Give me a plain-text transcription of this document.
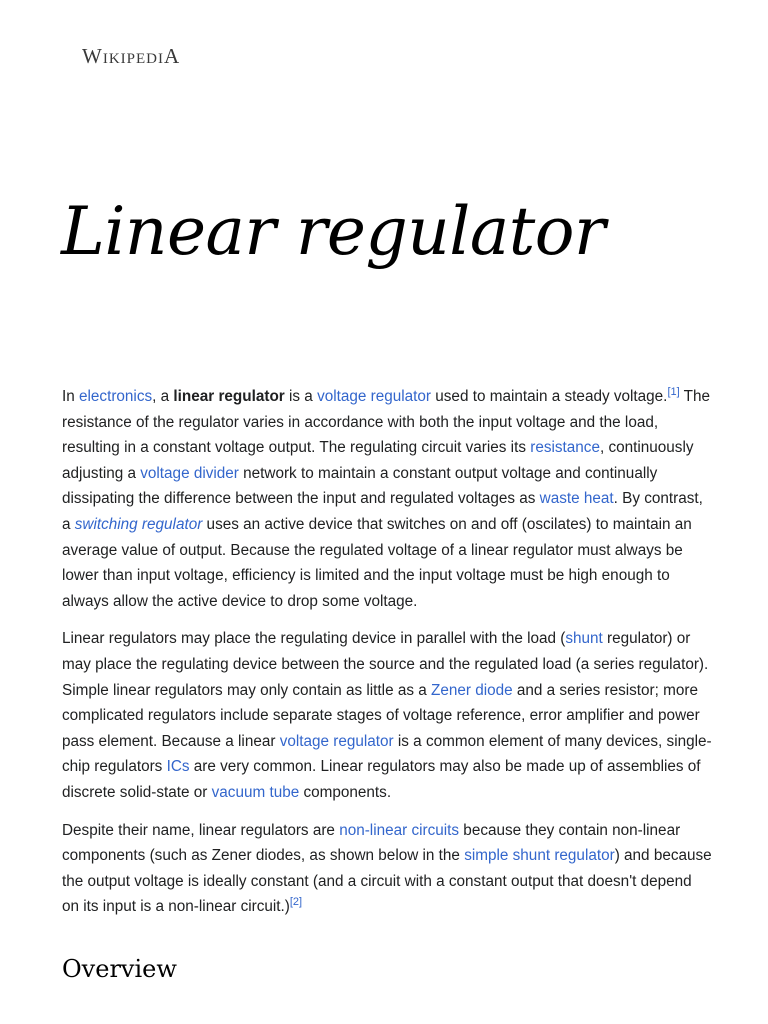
WikipediA
Linear regulator

In electronics, a linear regulator is a voltage regulator used to maintain a steady voltage.[1] The resistance of the regulator varies in accordance with both the input voltage and the load, resulting in a constant voltage output. The regulating circuit varies its resistance, continuously adjusting a voltage divider network to maintain a constant output voltage and continually dissipating the difference between the input and regulated voltages as waste heat. By contrast, a switching regulator uses an active device that switches on and off (oscilates) to maintain an average value of output. Because the regulated voltage of a linear regulator must always be lower than input voltage, efficiency is limited and the input voltage must be high enough to always allow the active device to drop some voltage.

Linear regulators may place the regulating device in parallel with the load (shunt regulator) or may place the regulating device between the source and the regulated load (a series regulator). Simple linear regulators may only contain as little as a Zener diode and a series resistor; more complicated regulators include separate stages of voltage reference, error amplifier and power pass element. Because a linear voltage regulator is a common element of many devices, single-chip regulators ICs are very common. Linear regulators may also be made up of assemblies of discrete solid-state or vacuum tube components.

Despite their name, linear regulators are non-linear circuits because they contain non-linear components (such as Zener diodes, as shown below in the simple shunt regulator) and because the output voltage is ideally constant (and a circuit with a constant output that doesn't depend on its input is a non-linear circuit.)[2]

Overview
